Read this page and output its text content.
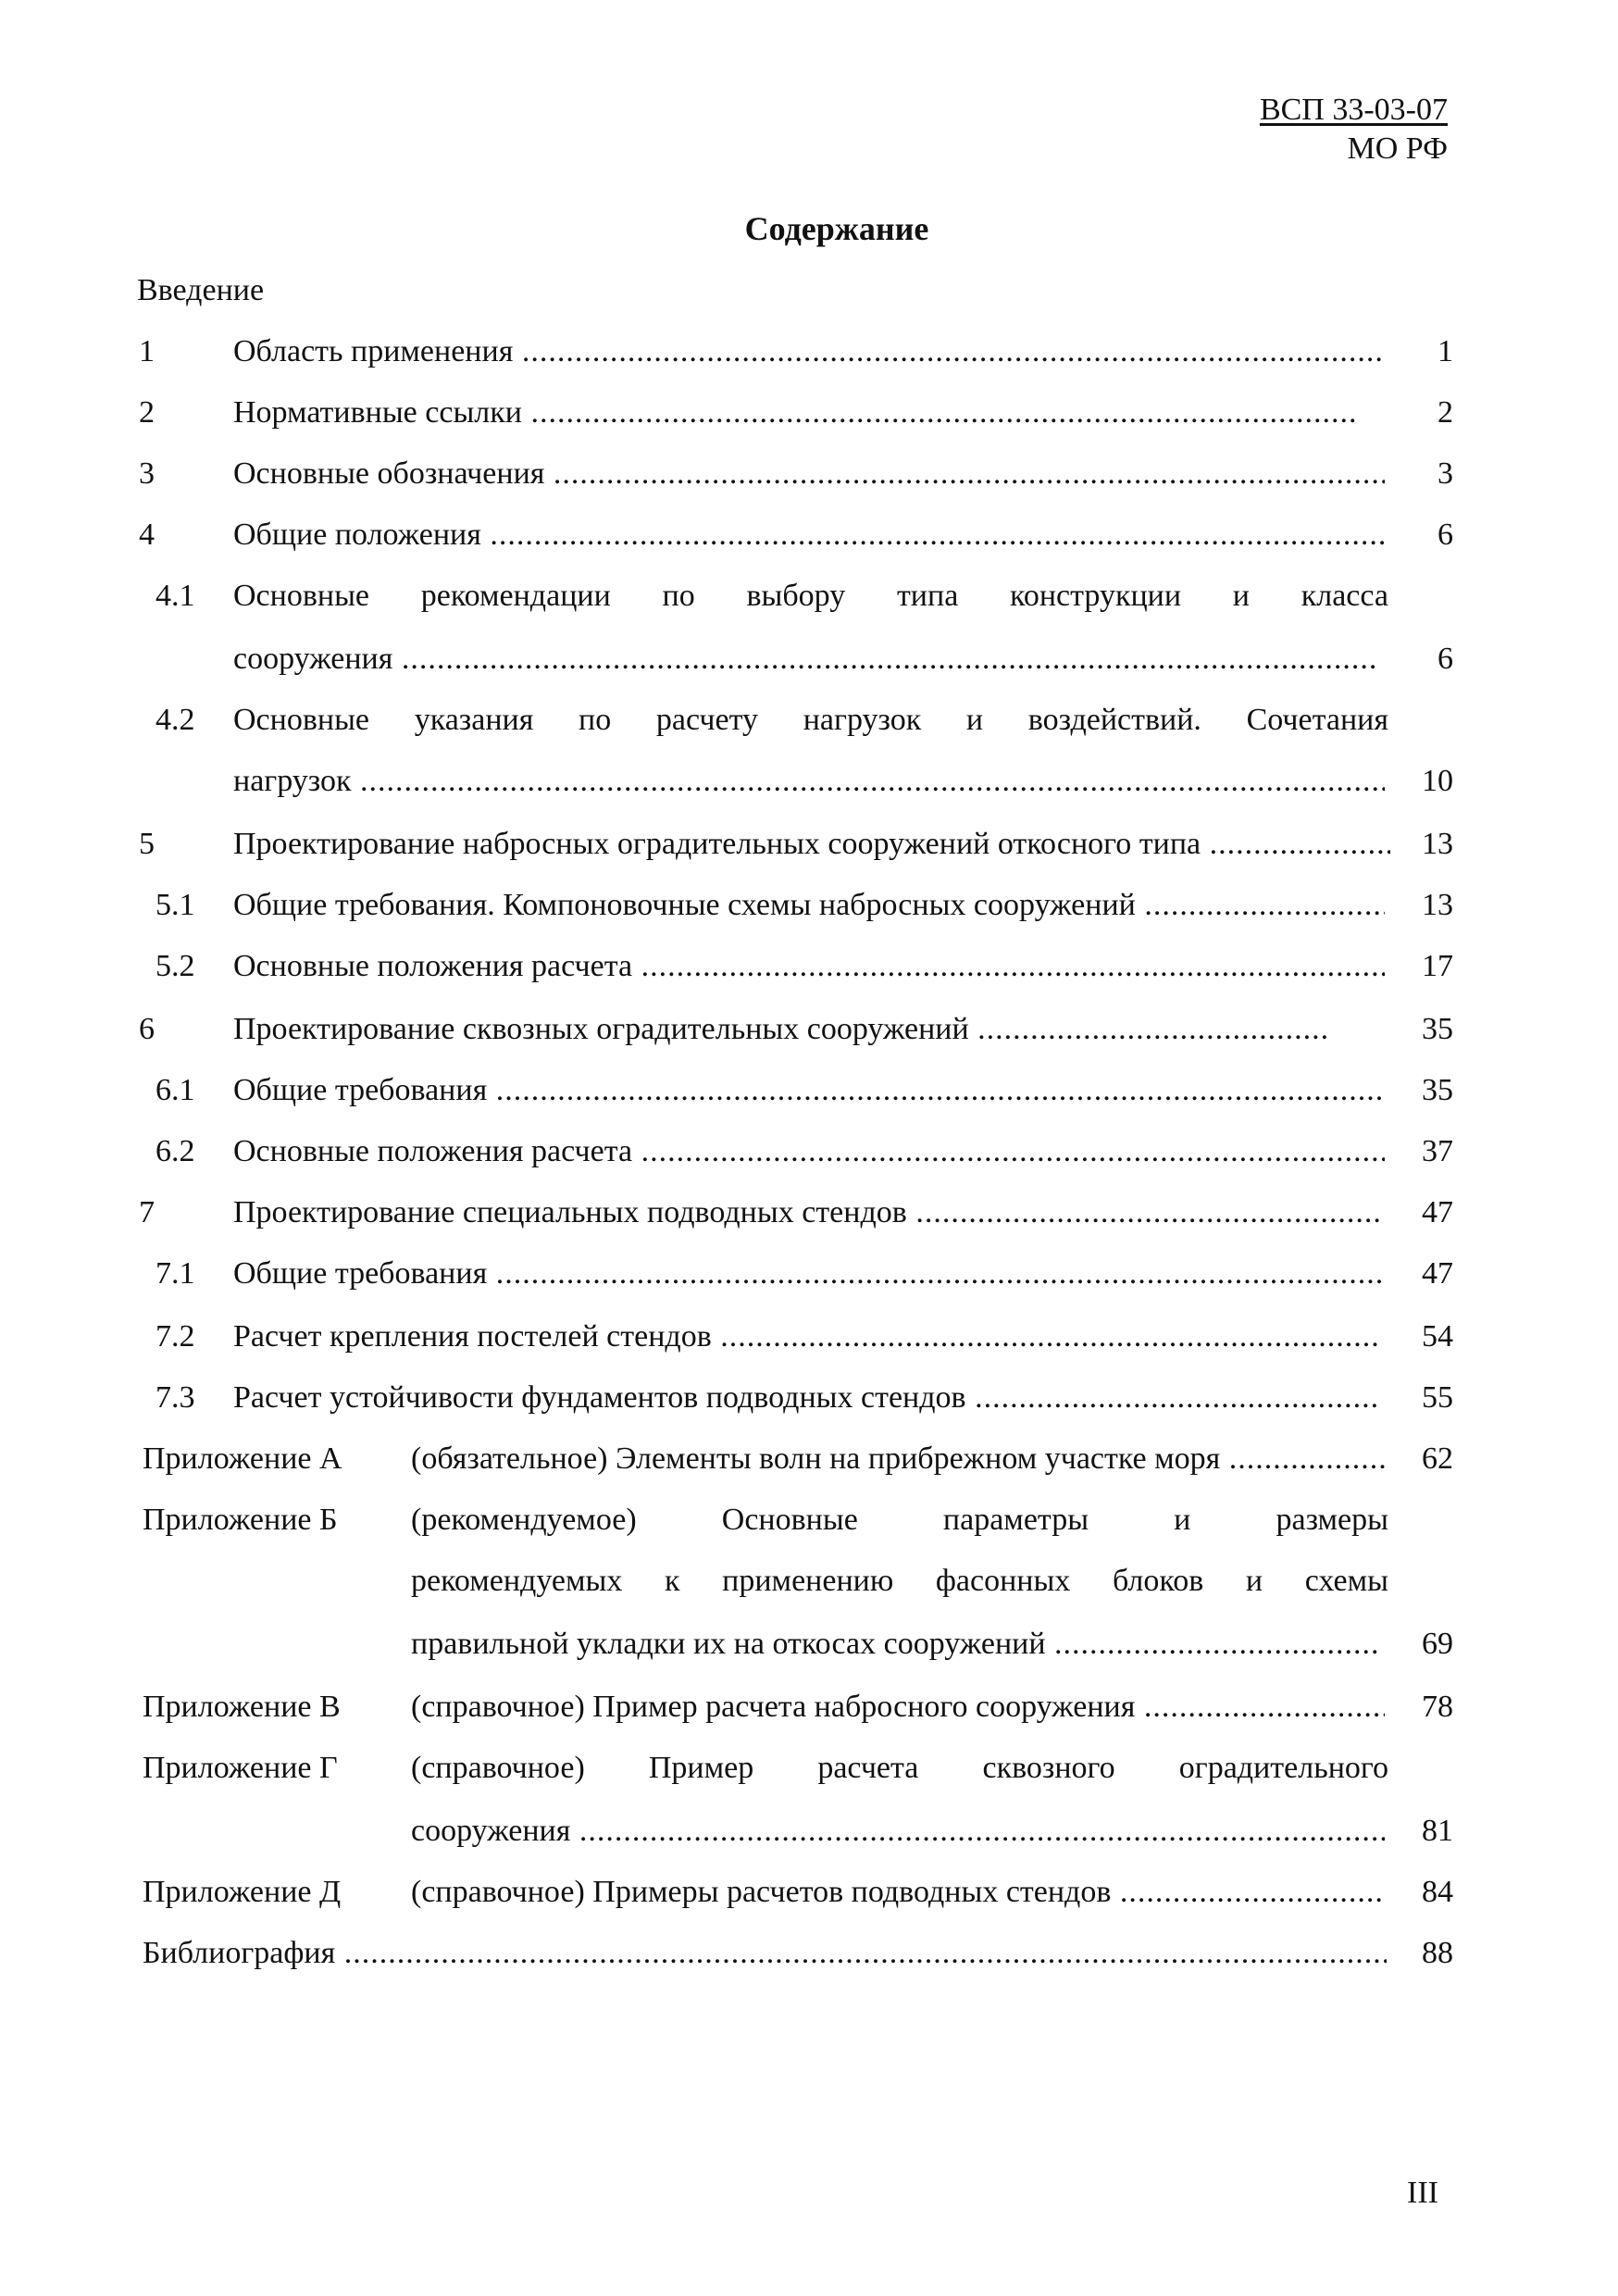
ВСП 33-03-07
МО РФ
Содержание
Введение
1	Область применения .....	1
2	Нормативные ссылки .....	2
3	Основные обозначения .....	3
4	Общие положения .....	6
4.1 Основные рекомендации по выбору типа конструкции и класса
сооружения .....	6
4.2 Основные указания по расчету нагрузок и воздействий. Сочетания
нагрузок .....	10
5	Проектирование набросных оградительных сооружений откосного типа .....	13
5.1 Общие требования. Компоновочные схемы набросных сооружений .....	13
5.2 Основные положения расчета .....	17
6	Проектирование сквозных оградительных сооружений .....	35
6.1 Общие требования .....	35
6.2 Основные положения расчета .....	37
7	Проектирование специальных подводных стендов .....	47
7.1 Общие требования .....	47
7.2 Расчет крепления постелей стендов .....	54
7.3 Расчет устойчивости фундаментов подводных стендов .....	55
Приложение А (обязательное) Элементы волн на прибрежном участке моря .....	62
Приложение Б (рекомендуемое) Основные параметры и размеры
рекомендуемых к применению фасонных блоков и схемы
правильной укладки их на откосах сооружений .....	69
Приложение В (справочное) Пример расчета набросного сооружения .....	78
Приложение Г (справочное) Пример расчета сквозного оградительного
сооружения .....	81
Приложение Д (справочное) Примеры расчетов подводных стендов .....	84
Библиография .....	88
III
